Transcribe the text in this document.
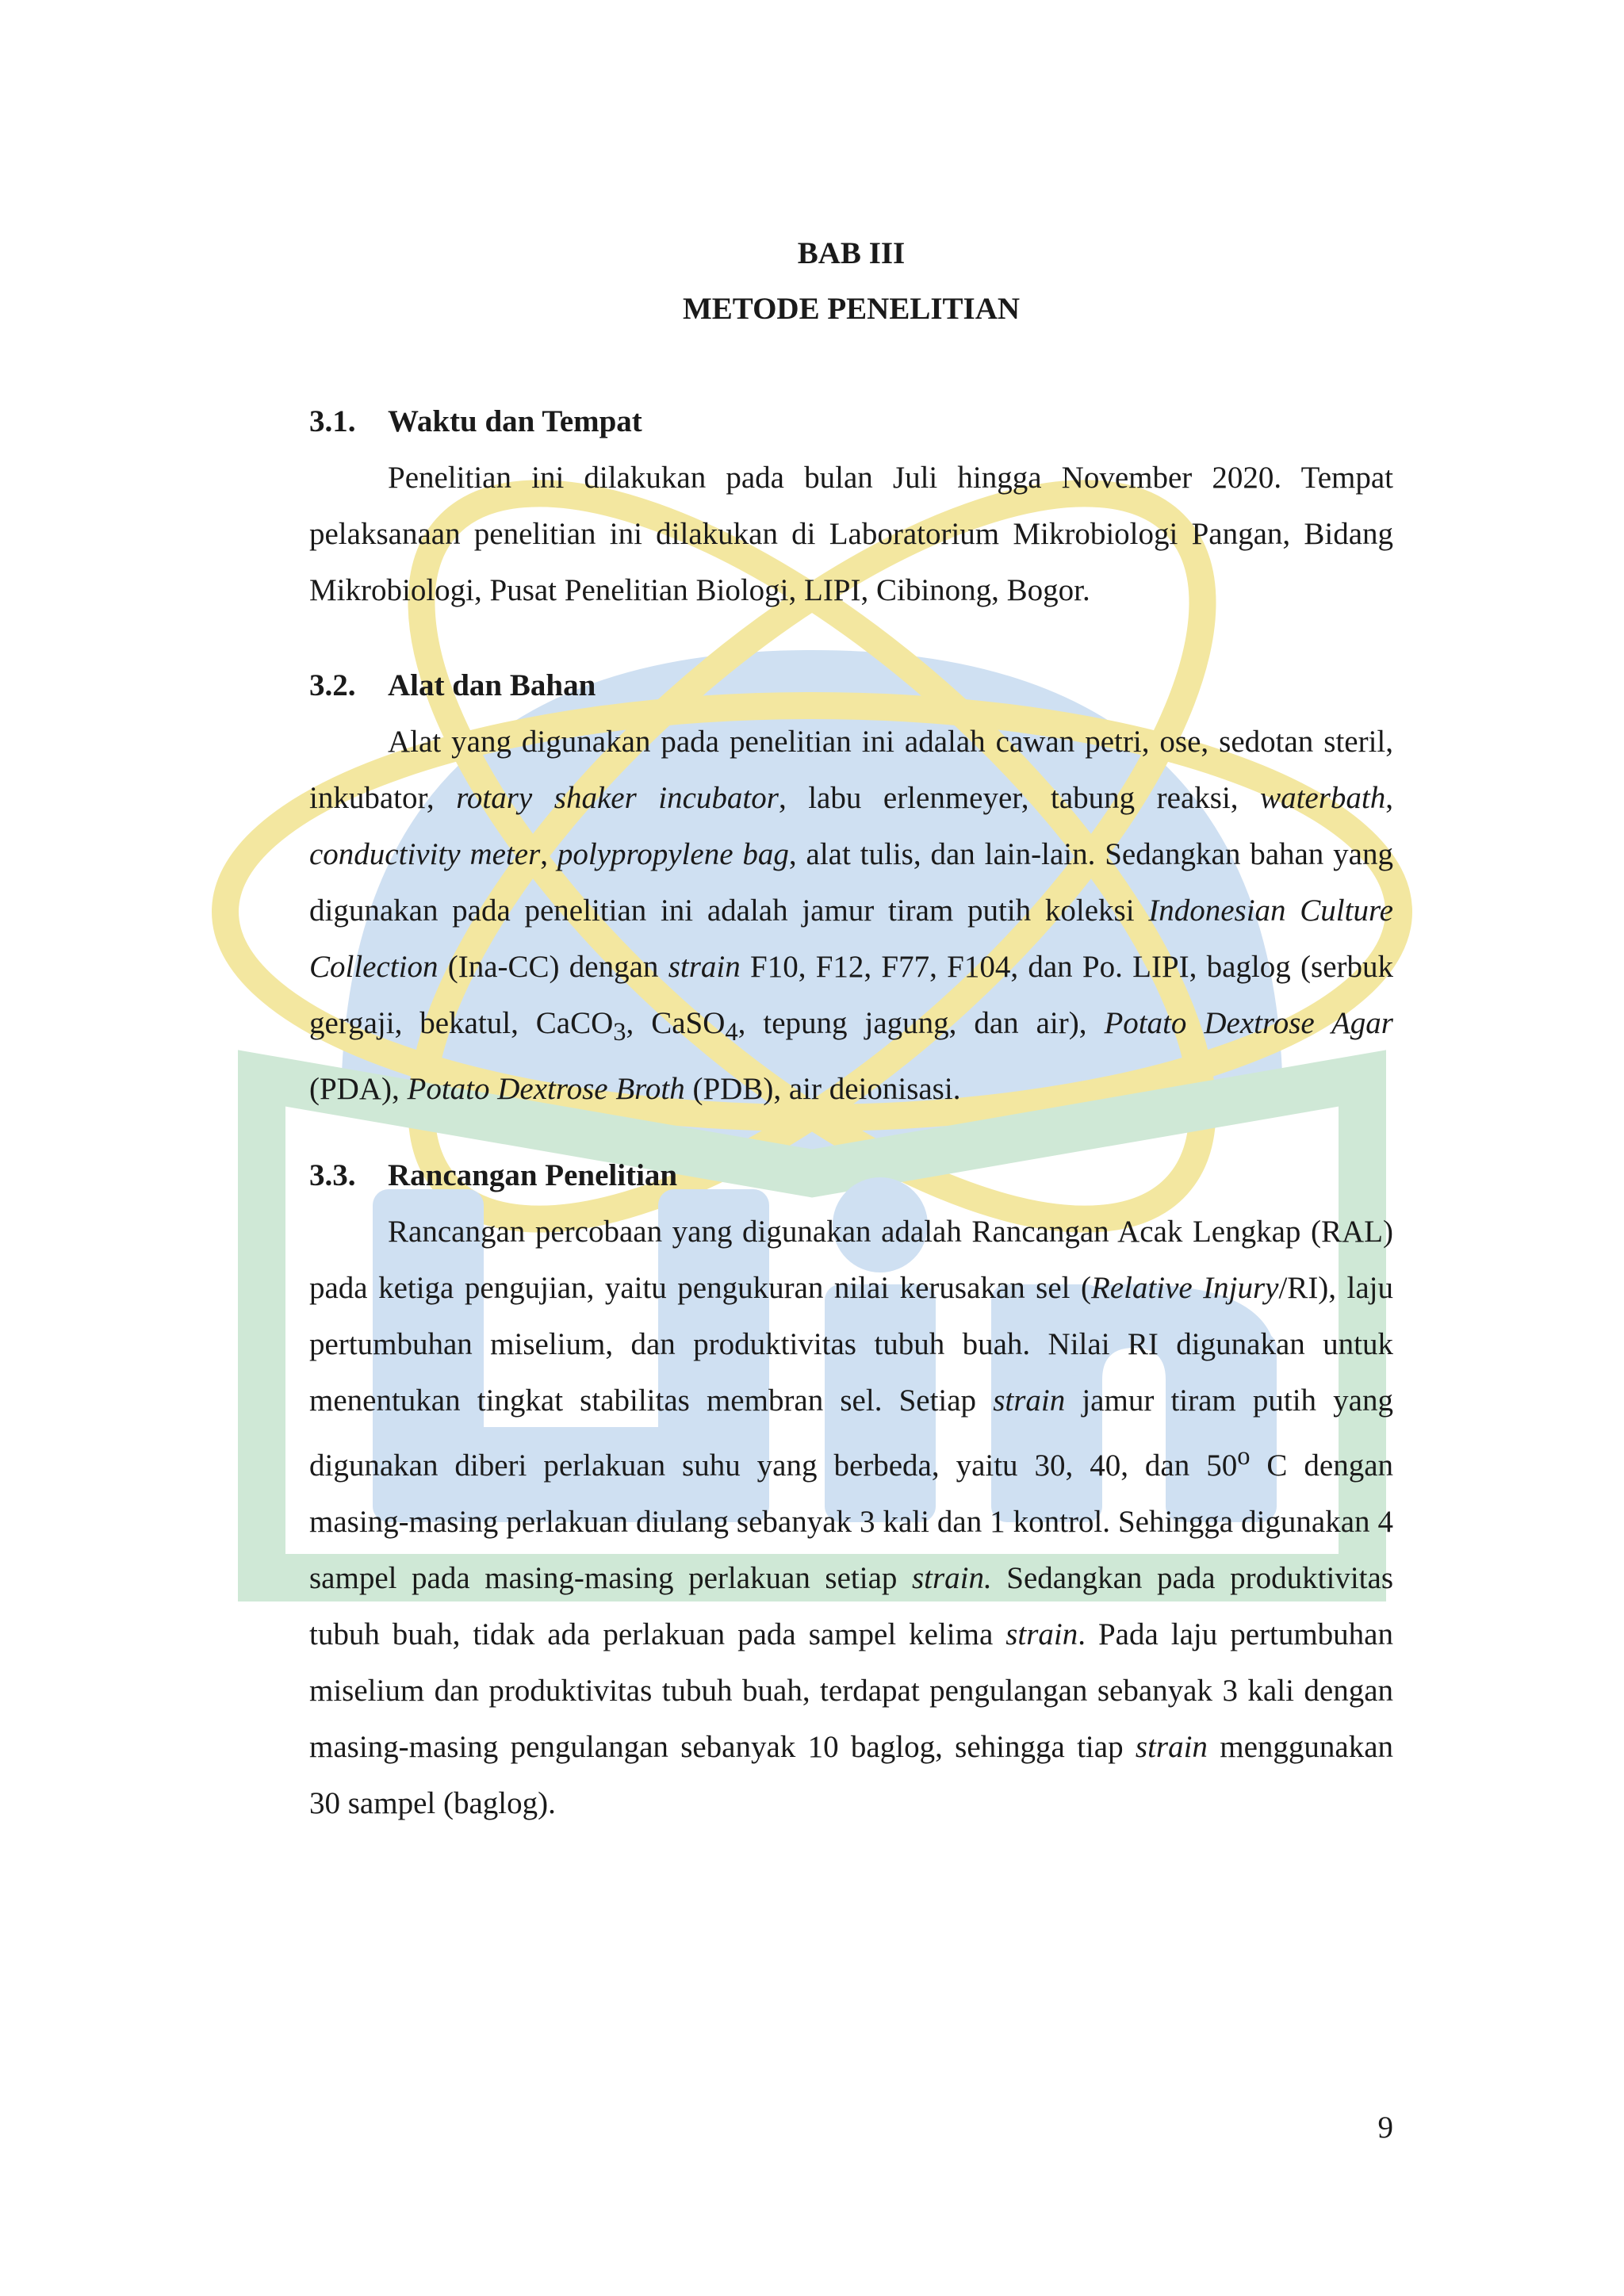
BAB III
METODE PENELITIAN
3.1. Waktu dan Tempat

Penelitian ini dilakukan pada bulan Juli hingga November 2020. Tempat pelaksanaan penelitian ini dilakukan di Laboratorium Mikrobiologi Pangan, Bidang Mikrobiologi, Pusat Penelitian Biologi, LIPI, Cibinong, Bogor.

3.2. Alat dan Bahan

Alat yang digunakan pada penelitian ini adalah cawan petri, ose, sedotan steril, inkubator, rotary shaker incubator, labu erlenmeyer, tabung reaksi, waterbath, conductivity meter, polypropylene bag, alat tulis, dan lain-lain. Sedangkan bahan yang digunakan pada penelitian ini adalah jamur tiram putih koleksi Indonesian Culture Collection (Ina-CC) dengan strain F10, F12, F77, F104, dan Po. LIPI, baglog (serbuk gergaji, bekatul, CaCO$_3$, CaSO$_4$, tepung jagung, dan air), Potato Dextrose Agar (PDA), Potato Dextrose Broth (PDB), air deionisasi.

3.3. Rancangan Penelitian

Rancangan percobaan yang digunakan adalah Rancangan Acak Lengkap (RAL) pada ketiga pengujian, yaitu pengukuran nilai kerusakan sel (Relative Injury/RI), laju pertumbuhan miselium, dan produktivitas tubuh buah. Nilai RI digunakan untuk menentukan tingkat stabilitas membran sel. Setiap strain jamur tiram putih yang digunakan diberi perlakuan suhu yang berbeda, yaitu 30, 40, dan 50$^o$ C dengan masing-masing perlakuan diulang sebanyak 3 kali dan 1 kontrol. Sehingga digunakan 4 sampel pada masing-masing perlakuan setiap strain. Sedangkan pada produktivitas tubuh buah, tidak ada perlakuan pada sampel kelima strain. Pada laju pertumbuhan miselium dan produktivitas tubuh buah, terdapat pengulangan sebanyak 3 kali dengan masing-masing pengulangan sebanyak 10 baglog, sehingga tiap strain menggunakan 30 sampel (baglog).

9
